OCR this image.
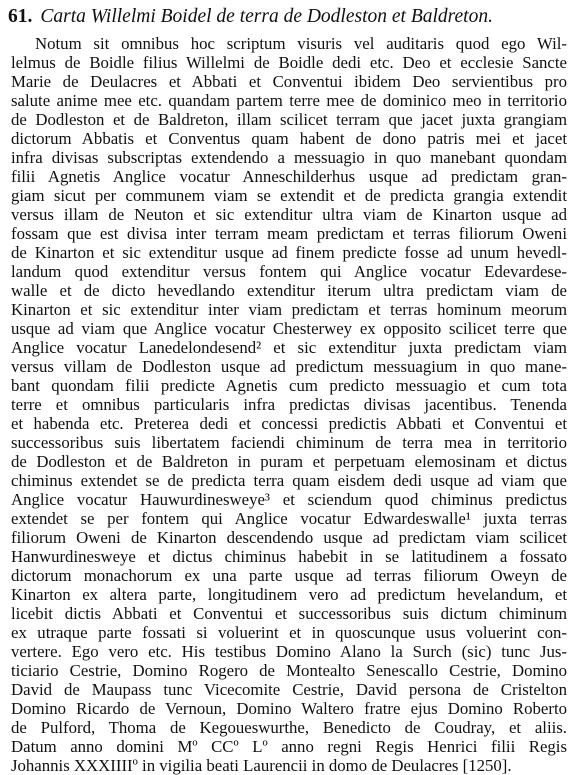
61. Carta Willelmi Boidel de terra de Dodleston et Baldreton.
Notum sit omnibus hoc scriptum visuris vel auditaris quod ego Wil-
lelmus de Boidle filius Willelmi de Boidle dedi etc. Deo et ecclesie Sancte
Marie de Deulacres et Abbati et Conventui ibidem Deo servientibus pro
salute anime mee etc. quandam partem terre mee de dominico meo in territorio
de Dodleston et de Baldreton, illam scilicet terram que jacet juxta grangiam
dictorum Abbatis et Conventus quam habent de dono patris mei et jacet
infra divisas subscriptas extendendo a messuagio in quo manebant quondam
filii Agnetis Anglice vocatur Anneschilderhus usque ad predictam gran-
giam sicut per communem viam se extendit et de predicta grangia extendit
versus illam de Neuton et sic extenditur ultra viam de Kinarton usque ad
fossam que est divisa inter terram meam predictam et terras filiorum Oweni
de Kinarton et sic extenditur usque ad finem predicte fosse ad unum hevedl-
landum quod extenditur versus fontem qui Anglice vocatur Edevardese-
walle et de dicto hevedlando extenditur iterum ultra predictam viam de
Kinarton et sic extenditur inter viam predictam et terras hominum meorum
usque ad viam que Anglice vocatur Chesterwey ex opposito scilicet terre que
Anglice vocatur Lanedelondesend² et sic extenditur juxta predictam viam
versus villam de Dodleston usque ad predictum messuagium in quo mane-
bant quondam filii predicte Agnetis cum predicto messuagio et cum tota
terre et omnibus particularis infra predictas divisas jacentibus. Tenenda
et habenda etc. Preterea dedi et concessi predictis Abbati et Conventui et
successoribus suis libertatem faciendi chiminum de terra mea in territorio
de Dodleston et de Baldreton in puram et perpetuam elemosinam et dictus
chiminus extendet se de predicta terra quam eisdem dedi usque ad viam que
Anglice vocatur Hauwurdinesweye³ et sciendum quod chiminus predictus
extendet se per fontem qui Anglice vocatur Edwardeswalle¹ juxta terras
filiorum Oweni de Kinarton descendendo usque ad predictam viam scilicet
Hanwurdinesweye et dictus chiminus habebit in se latitudinem a fossato
dictorum monachorum ex una parte usque ad terras filiorum Oweyn de
Kinarton ex altera parte, longitudinem vero ad predictum hevelandum, et
licebit dictis Abbati et Conventui et successoribus suis dictum chiminum
ex utraque parte fossati si voluerint et in quoscunque usus voluerint con-
vertere. Ego vero etc. His testibus Domino Alano la Surch (sic) tunc Jus-
ticiario Cestrie, Domino Rogero de Montealto Senescallo Cestrie, Domino
David de Maupass tunc Vicecomite Cestrie, David persona de Cristelton
Domino Ricardo de Vernoun, Domino Waltero fratre ejus Domino Roberto
de Pulford, Thoma de Kegoueswurthe, Benedicto de Coudray, et aliis.
Datum anno domini Mº CCº Lº anno regni Regis Henrici filii Regis
Johannis XXXIIIIº in vigilia beati Laurencii in domo de Deulacres [1250].
